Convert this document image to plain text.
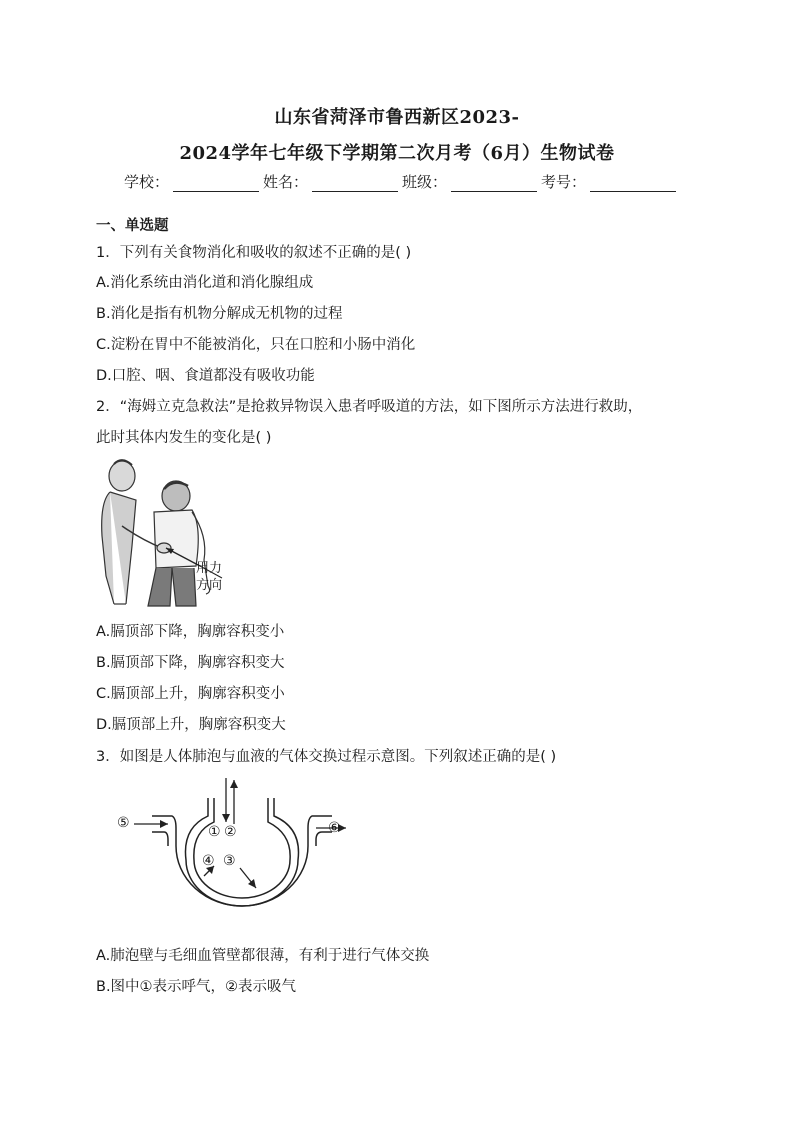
山东省菏泽市鲁西新区2023-
2024学年七年级下学期第二次月考（6月）生物试卷
学校：	姓名：	班级：	考号：
一、单选题
1．下列有关食物消化和吸收的叙述不正确的是( )
A.消化系统由消化道和消化腺组成
B.消化是指有机物分解成无机物的过程
C.淀粉在胃中不能被消化，只在口腔和小肠中消化
D.口腔、咽、食道都没有吸收功能
2．“海姆立克急救法”是抢救异物误入患者呼吸道的方法，如下图所示方法进行救助，
此时其体内发生的变化是( )
用力
方向
A.膈顶部下降，胸廓容积变小
B.膈顶部下降，胸廓容积变大
C.膈顶部上升，胸廓容积变小
D.膈顶部上升，胸廓容积变大
3．如图是人体肺泡与血液的气体交换过程示意图。下列叙述正确的是( )
⑤	⑥
① ②
④ ③
A.肺泡壁与毛细血管壁都很薄，有利于进行气体交换
B.图中①表示呼气，②表示吸气
